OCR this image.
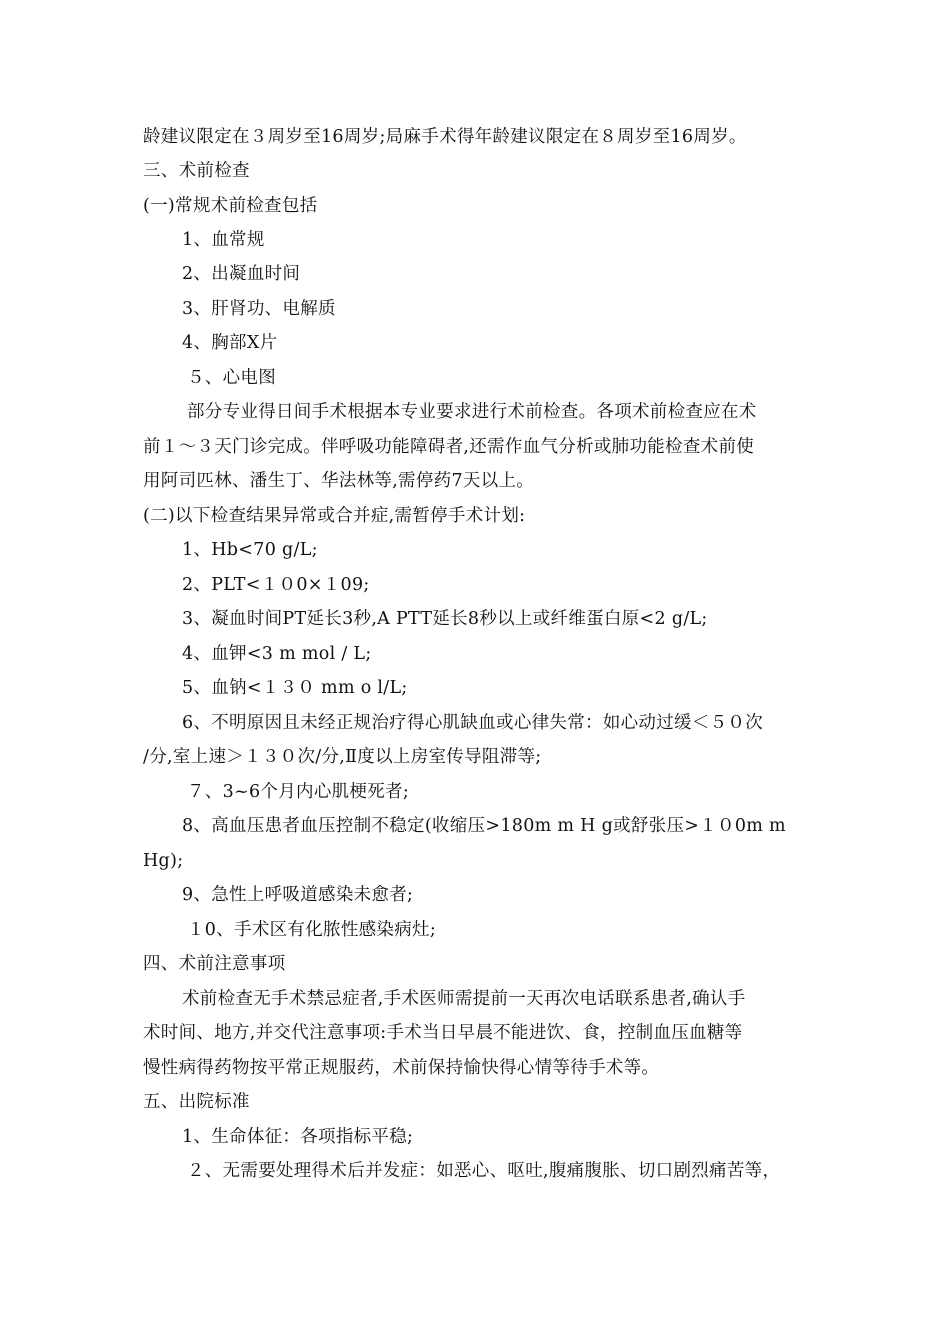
龄建议限定在３周岁至16周岁;局麻手术得年龄建议限定在８周岁至16周岁。
三、术前检查
(一)常规术前检查包括
1、血常规
2、出凝血时间
3、肝肾功、电解质
4、胸部X片
５、心电图
部分专业得日间手术根据本专业要求进行术前检查。各项术前检查应在术
前１～３天门诊完成。伴呼吸功能障碍者,还需作血气分析或肺功能检查术前使
用阿司匹林、潘生丁、华法林等,需停药7天以上。
(二)以下检查结果异常或合并症,需暂停手术计划:
1、Hb<70 g/L;
2、PLT<１０0×１09;
3、凝血时间PT延长3秒,A PTT延长8秒以上或纤维蛋白原<2 g/L;
4、血钾<3 m mol / L;
5、血钠<１３０ mm o l/L;
6、不明原因且未经正规治疗得心肌缺血或心律失常：如心动过缓＜５０次
/分,室上速＞１３０次/分,Ⅱ度以上房室传导阻滞等;
７、3~6个月内心肌梗死者;
8、高血压患者血压控制不稳定(收缩压>180m m H g或舒张压>１０0m m
Hg);
9、急性上呼吸道感染未愈者;
１0、手术区有化脓性感染病灶;
四、术前注意事项
术前检查无手术禁忌症者,手术医师需提前一天再次电话联系患者,确认手
术时间、地方,并交代注意事项:手术当日早晨不能进饮、食，控制血压血糖等
慢性病得药物按平常正规服药，术前保持愉快得心情等待手术等。
五、出院标准
1、生命体征：各项指标平稳;
２、无需要处理得术后并发症：如恶心、呕吐,腹痛腹胀、切口剧烈痛苦等，
